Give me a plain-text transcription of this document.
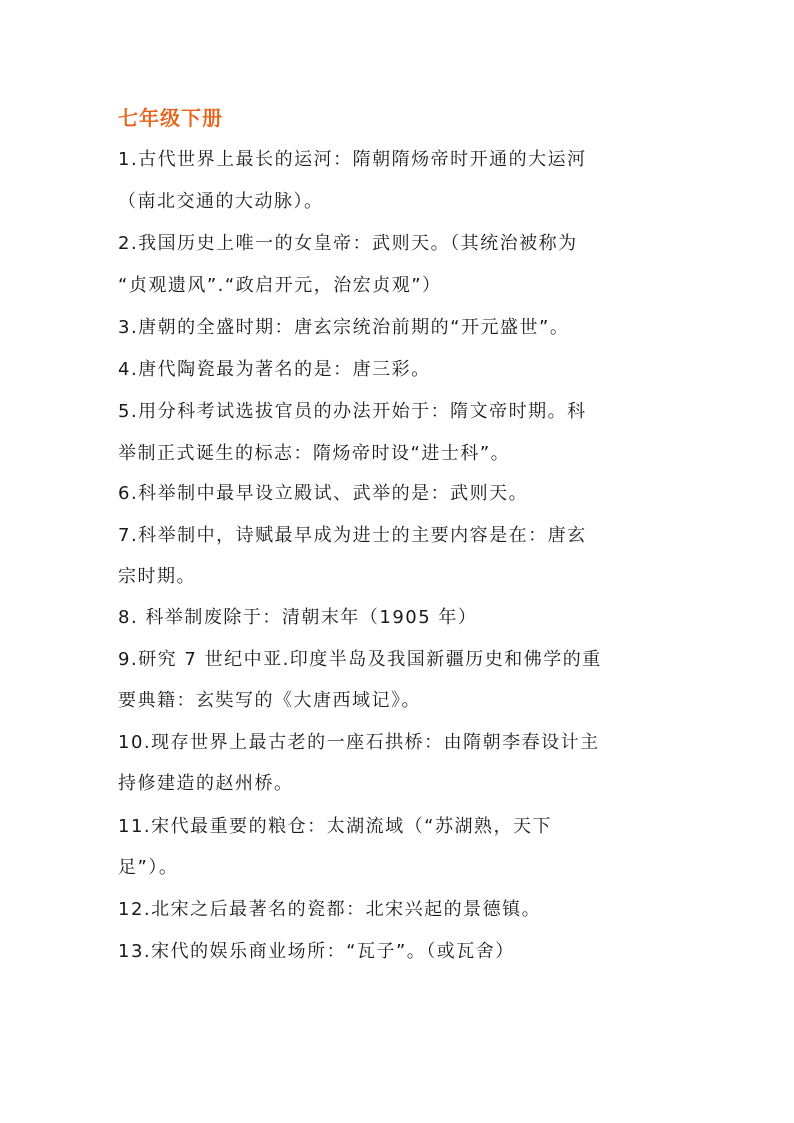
七年级下册
1.古代世界上最长的运河：隋朝隋炀帝时开通的大运河
（南北交通的大动脉）。
2.我国历史上唯一的女皇帝：武则天。（其统治被称为
“贞观遗风”.“政启开元，治宏贞观”）
3.唐朝的全盛时期：唐玄宗统治前期的“开元盛世”。
4.唐代陶瓷最为著名的是：唐三彩。
5.用分科考试选拔官员的办法开始于：隋文帝时期。科
举制正式诞生的标志：隋炀帝时设“进士科”。
6.科举制中最早设立殿试、武举的是：武则天。
7.科举制中，诗赋最早成为进士的主要内容是在：唐玄
宗时期。
8. 科举制废除于：清朝末年（1905 年）
9.研究 7 世纪中亚.印度半岛及我国新疆历史和佛学的重
要典籍：玄奘写的《大唐西域记》。
10.现存世界上最古老的一座石拱桥：由隋朝李春设计主
持修建造的赵州桥。
11.宋代最重要的粮仓：太湖流域（“苏湖熟，天下
足”）。
12.北宋之后最著名的瓷都：北宋兴起的景德镇。
13.宋代的娱乐商业场所：“瓦子”。（或瓦舍）
